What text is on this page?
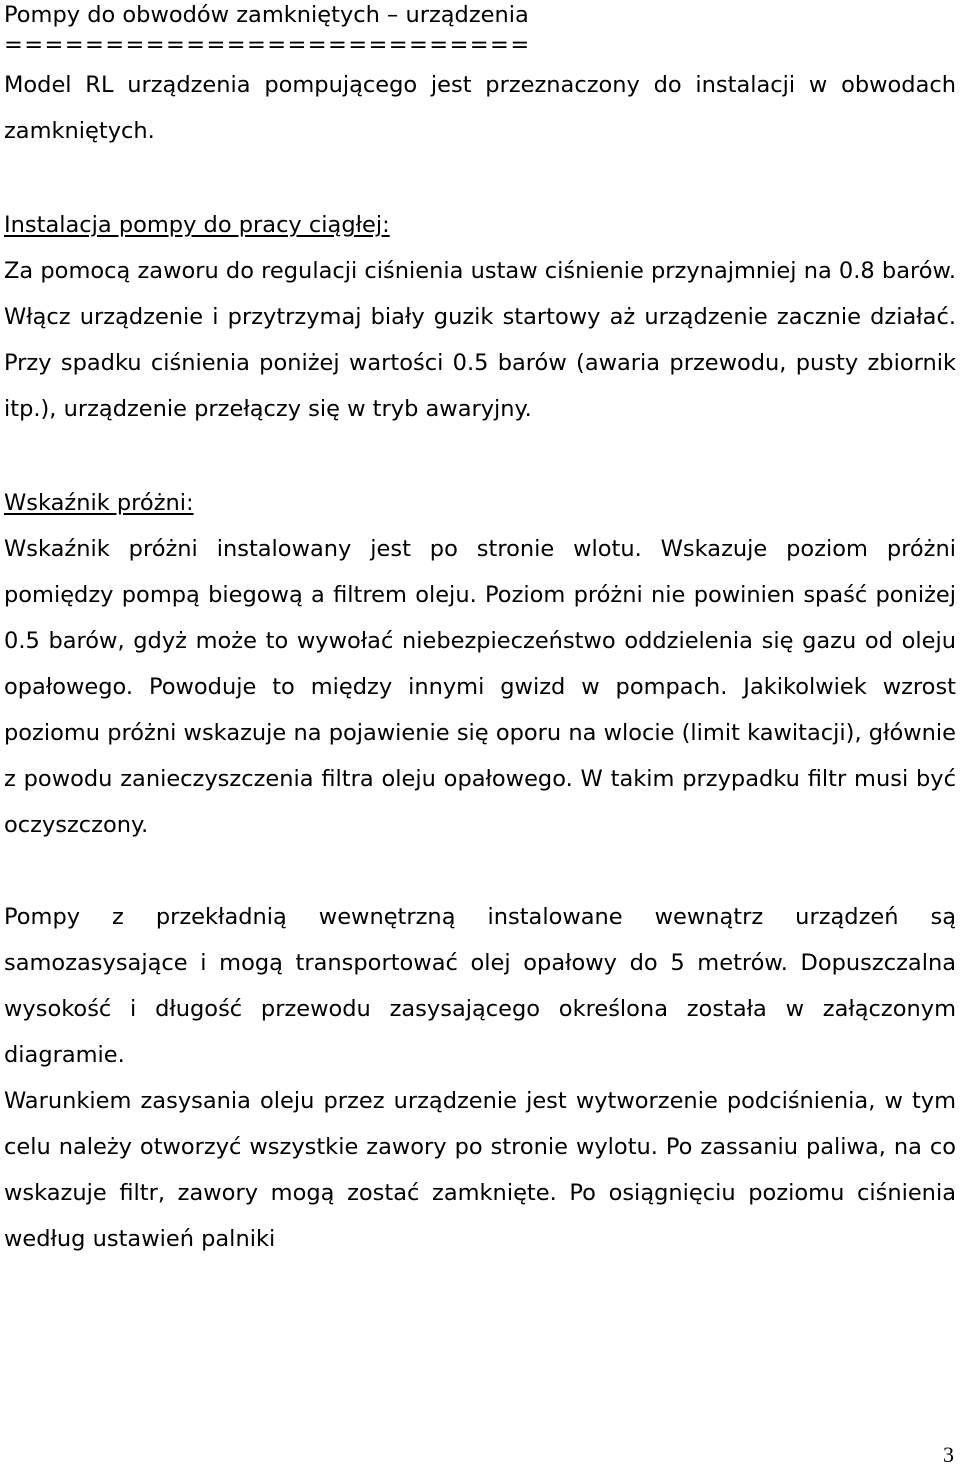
Pompy do obwodów zamkniętych – urządzenia

==========================

Model RL urządzenia pompującego jest przeznaczony do instalacji w obwodach zamkniętych.

Instalacja pompy do pracy ciągłej:

Za pomocą zaworu do regulacji ciśnienia ustaw ciśnienie przynajmniej na 0.8 barów. Włącz urządzenie i przytrzymaj biały guzik startowy aż urządzenie zacznie działać. Przy spadku ciśnienia poniżej wartości 0.5 barów (awaria przewodu, pusty zbiornik itp.), urządzenie przełączy się w tryb awaryjny.

Wskaźnik próżni:

Wskaźnik próżni instalowany jest po stronie wlotu. Wskazuje poziom próżni pomiędzy pompą biegową a filtrem oleju. Poziom próżni nie powinien spaść poniżej 0.5 barów, gdyż może to wywołać niebezpieczeństwo oddzielenia się gazu od oleju opałowego. Powoduje to między innymi gwizd w pompach. Jakikolwiek wzrost poziomu próżni wskazuje na pojawienie się oporu na wlocie (limit kawitacji), głównie z powodu zanieczyszczenia filtra oleju opałowego. W takim przypadku filtr musi być oczyszczony.

Pompy z przekładnią wewnętrzną instalowane wewnątrz urządzeń są samozasysające i mogą transportować olej opałowy do 5 metrów. Dopuszczalna wysokość i długość przewodu zasysającego określona została w załączonym diagramie.

Warunkiem zasysania oleju przez urządzenie jest wytworzenie podciśnienia, w tym celu należy otworzyć wszystkie zawory po stronie wylotu. Po zassaniu paliwa, na co wskazuje filtr, zawory mogą zostać zamknięte. Po osiągnięciu poziomu ciśnienia według ustawień palniki

3
